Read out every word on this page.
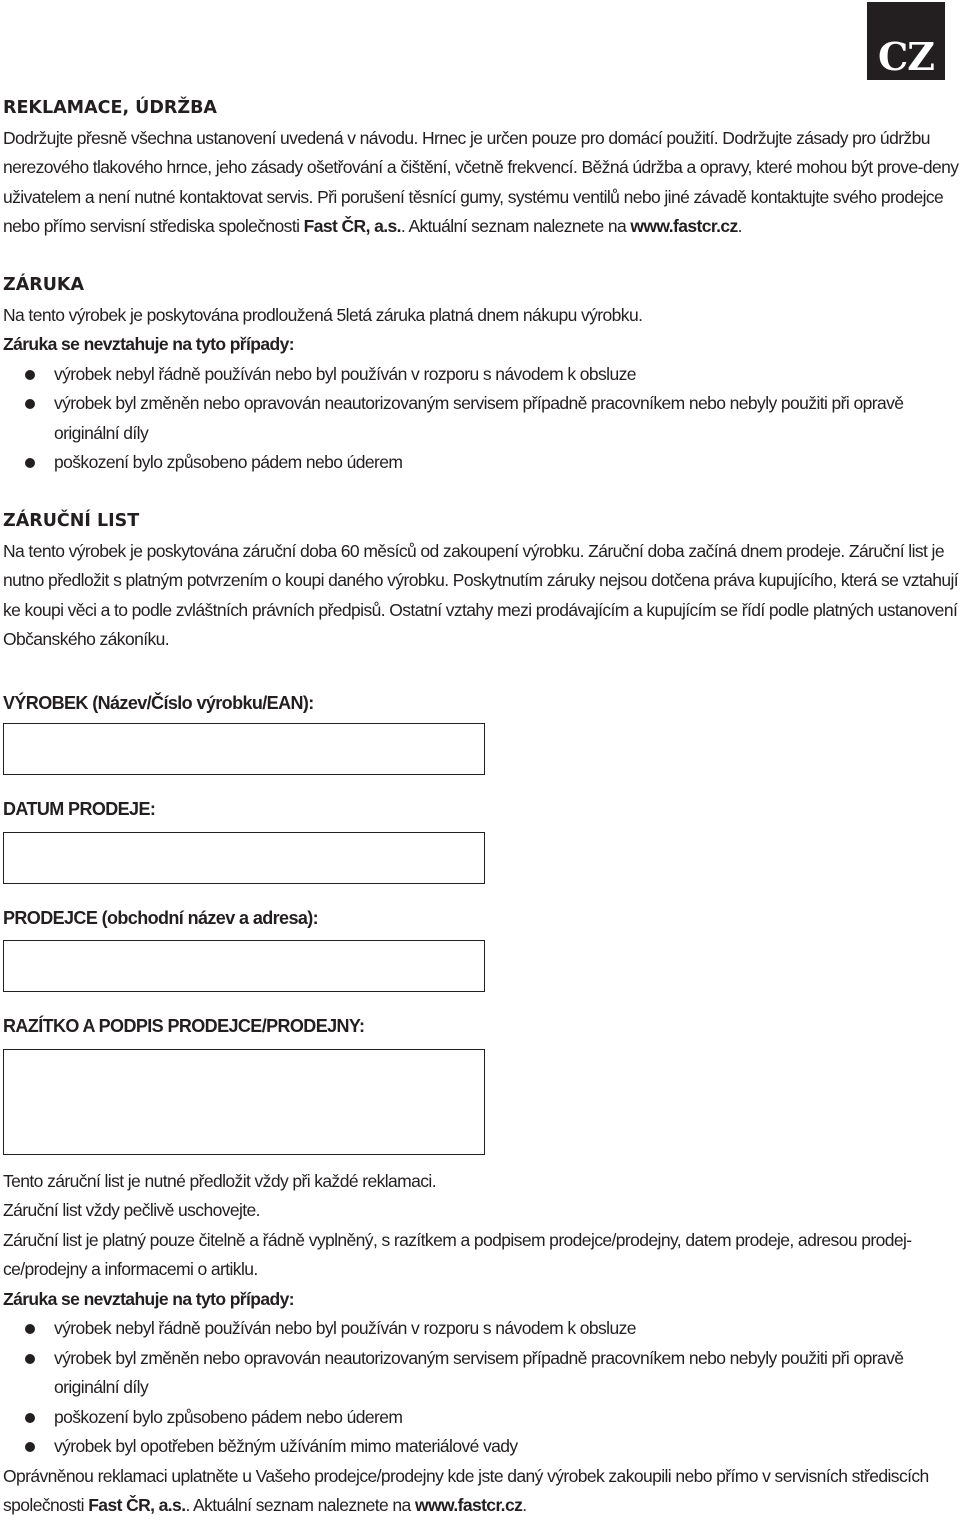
CZ
REKLAMACE, ÚDRŽBA

Dodržujte přesně všechna ustanovení uvedená v návodu. Hrnec je určen pouze pro domácí použití. Dodržujte zásady pro údržbu nerezového tlakového hrnce, jeho zásady ošetřování a čištění, včetně frekvencí. Běžná údržba a opravy, které mohou být prove-deny uživatelem a není nutné kontaktovat servis. Při porušení těsnící gumy, systému ventilů nebo jiné závadě kontaktujte svého prodejce nebo přímo servisní střediska společnosti Fast ČR, a.s.. Aktuální seznam naleznete na www.fastcr.cz.

ZÁRUKA

Na tento výrobek je poskytována prodloužená 5letá záruka platná dnem nákupu výrobku.

Záruka se nevztahuje na tyto případy:

výrobek nebyl řádně používán nebo byl používán v rozporu s návodem k obsluze
výrobek byl změněn nebo opravován neautorizovaným servisem případně pracovníkem nebo nebyly použiti při opravě originální díly
poškození bylo způsobeno pádem nebo úderem
ZÁRUČNÍ LIST

Na tento výrobek je poskytována záruční doba 60 měsíců od zakoupení výrobku. Záruční doba začíná dnem prodeje. Záruční list je nutno předložit s platným potvrzením o koupi daného výrobku. Poskytnutím záruky nejsou dotčena práva kupujícího, která se vztahují ke koupi věci a to podle zvláštních právních předpisů. Ostatní vztahy mezi prodávajícím a kupujícím se řídí podle platných ustanovení Občanského zákoníku.

VÝROBEK (Název/Číslo výrobku/EAN):

DATUM PRODEJE:

PRODEJCE (obchodní název a adresa):

RAZÍTKO A PODPIS PRODEJCE/PRODEJNY:

Tento záruční list je nutné předložit vždy při každé reklamaci.

Záruční list vždy pečlivě uschovejte.

Záruční list je platný pouze čitelně a řádně vyplněný, s razítkem a podpisem prodejce/prodejny, datem prodeje, adresou prodej-ce/prodejny a informacemi o artiklu.

Záruka se nevztahuje na tyto případy:

výrobek nebyl řádně používán nebo byl používán v rozporu s návodem k obsluze
výrobek byl změněn nebo opravován neautorizovaným servisem případně pracovníkem nebo nebyly použiti při opravě originální díly
poškození bylo způsobeno pádem nebo úderem
výrobek byl opotřeben běžným užíváním mimo materiálové vady

Oprávněnou reklamaci uplatněte u Vašeho prodejce/prodejny kde jste daný výrobek zakoupili nebo přímo v servisních střediscích společnosti Fast ČR, a.s.. Aktuální seznam naleznete na www.fastcr.cz.
